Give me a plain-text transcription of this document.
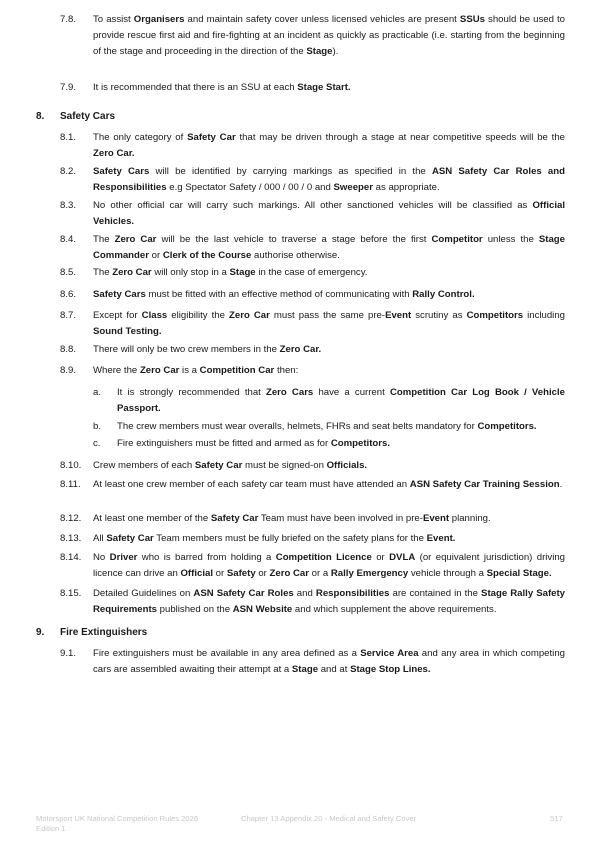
7.8. To assist Organisers and maintain safety cover unless licensed vehicles are present SSUs should be used to provide rescue first aid and fire-fighting at an incident as quickly as practicable (i.e. starting from the beginning of the stage and proceeding in the direction of the Stage).
7.9. It is recommended that there is an SSU at each Stage Start.
8. Safety Cars
8.1. The only category of Safety Car that may be driven through a stage at near competitive speeds will be the Zero Car.
8.2. Safety Cars will be identified by carrying markings as specified in the ASN Safety Car Roles and Responsibilities e.g Spectator Safety / 000 / 00 / 0 and Sweeper as appropriate.
8.3. No other official car will carry such markings. All other sanctioned vehicles will be classified as Official Vehicles.
8.4. The Zero Car will be the last vehicle to traverse a stage before the first Competitor unless the Stage Commander or Clerk of the Course authorise otherwise.
8.5. The Zero Car will only stop in a Stage in the case of emergency.
8.6. Safety Cars must be fitted with an effective method of communicating with Rally Control.
8.7. Except for Class eligibility the Zero Car must pass the same pre-Event scrutiny as Competitors including Sound Testing.
8.8. There will only be two crew members in the Zero Car.
8.9. Where the Zero Car is a Competition Car then:
a. It is strongly recommended that Zero Cars have a current Competition Car Log Book / Vehicle Passport.
b. The crew members must wear overalls, helmets, FHRs and seat belts mandatory for Competitors.
c. Fire extinguishers must be fitted and armed as for Competitors.
8.10. Crew members of each Safety Car must be signed-on Officials.
8.11. At least one crew member of each safety car team must have attended an ASN Safety Car Training Session.
8.12. At least one member of the Safety Car Team must have been involved in pre-Event planning.
8.13. All Safety Car Team members must be fully briefed on the safety plans for the Event.
8.14. No Driver who is barred from holding a Competition Licence or DVLA (or equivalent jurisdiction) driving licence can drive an Official or Safety or Zero Car or a Rally Emergency vehicle through a Special Stage.
8.15. Detailed Guidelines on ASN Safety Car Roles and Responsibilities are contained in the Stage Rally Safety Requirements published on the ASN Website and which supplement the above requirements.
9. Fire Extinguishers
9.1. Fire extinguishers must be available in any area defined as a Service Area and any area in which competing cars are assembled awaiting their attempt at a Stage and at Stage Stop Lines.
Motorsport UK National Competition Rules 2026
Edition 1
Chapter 13 Appendix 20 - Medical and Safety Cover	517
